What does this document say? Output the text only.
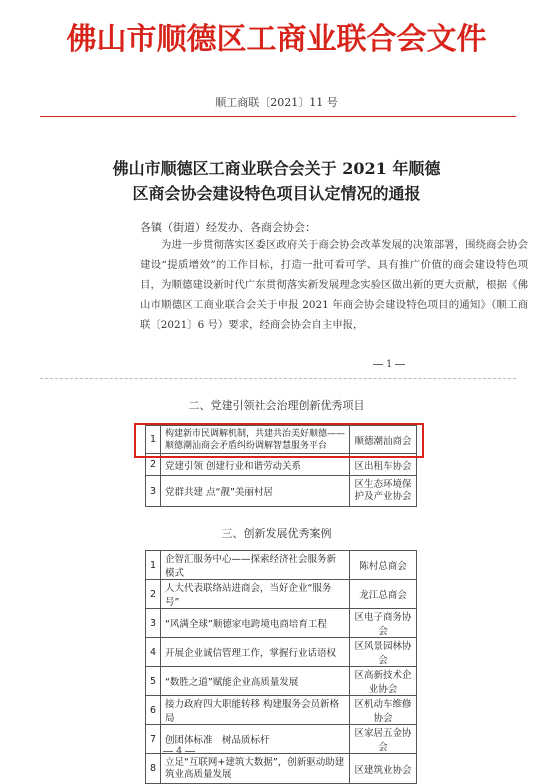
佛山市顺德区工商业联合会文件
顺工商联〔2021〕11 号
佛山市顺德区工商业联合会关于 2021 年顺德
区商会协会建设特色项目认定情况的通报
各镇（街道）经发办、各商会协会：
为进一步贯彻落实区委区政府关于商会协会改革发展的决策部署，围绕商会协会建设“提质增效”的工作目标，打造一批可看可学、具有推广价值的商会建设特色项目，为顺德建设新时代广东贯彻落实新发展理念实验区做出新的更大贡献，根据《佛山市顺德区工商业联合会关于申报 2021 年商会协会建设特色项目的通知》（顺工商联〔2021〕6 号）要求，经商会协会自主申报，
1
二、党建引领社会治理创新优秀项目
1	构建新市民调解机制，共建共治美好顺德——顺德潮汕商会矛盾纠纷调解智慧服务平台	顺德潮汕商会
2	党建引领 创建行业和谐劳动关系	区出租车协会
3	党群共建 点“靓”美丽村居	区生态环境保护及产业协会
三、创新发展优秀案例
1	企智汇服务中心——探索经济社会服务新模式	陈村总商会
2	人大代表联络站进商会，当好企业“服务号”	龙江总商会
3	“风满全球”顺德家电跨境电商培育工程	区电子商务协会
4	开展企业诚信管理工作，掌握行业话语权	区风景园林协会
5	“数胜之道”赋能企业高质量发展	区高新技术企业协会
6	接力政府四大职能转移 构建服务会员新格局	区机动车维修协会
7	创团体标准　树品质标杆	区家居五金协会
8	立足“互联网+建筑大数据”，创新驱动助建筑业高质量发展	区建筑业协会
4
